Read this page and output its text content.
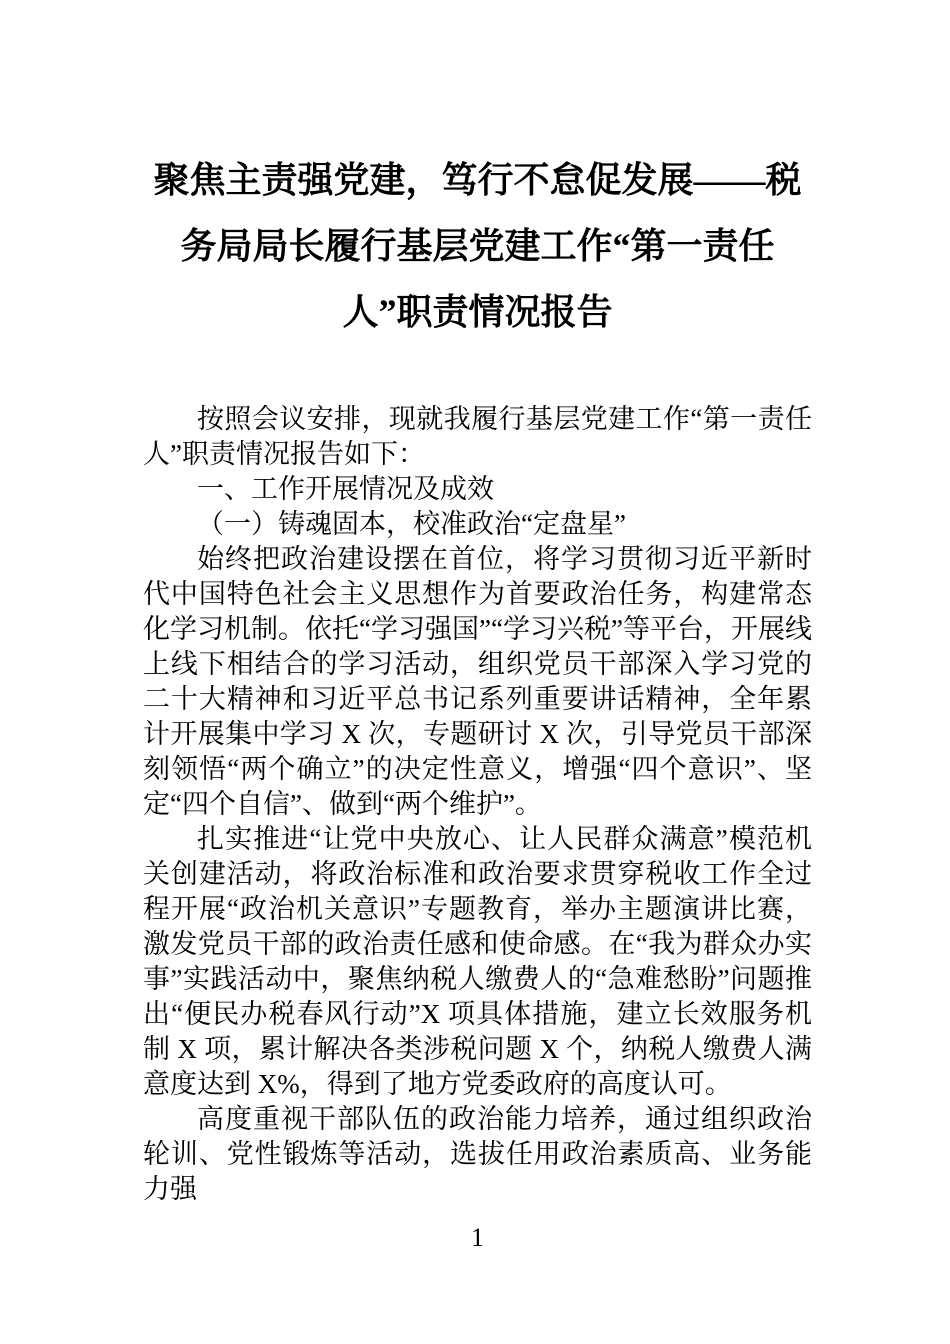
聚焦主责强党建，笃行不怠促发展——税
务局局长履行基层党建工作“第一责任
人”职责情况报告

按照会议安排，现就我履行基层党建工作“第一责任人”职责情况报告如下：

一、工作开展情况及成效

（一）铸魂固本，校准政治“定盘星”

始终把政治建设摆在首位，将学习贯彻习近平新时代中国特色社会主义思想作为首要政治任务，构建常态化学习机制。依托“学习强国”“学习兴税”等平台，开展线上线下相结合的学习活动，组织党员干部深入学习党的二十大精神和习近平总书记系列重要讲话精神，全年累计开展集中学习 X 次，专题研讨 X 次，引导党员干部深刻领悟“两个确立”的决定性意义，增强“四个意识”、坚定“四个自信”、做到“两个维护”。

扎实推进“让党中央放心、让人民群众满意”模范机关创建活动，将政治标准和政治要求贯穿税收工作全过程开展“政治机关意识”专题教育，举办主题演讲比赛，激发党员干部的政治责任感和使命感。在“我为群众办实事”实践活动中，聚焦纳税人缴费人的“急难愁盼”问题推出“便民办税春风行动”X 项具体措施，建立长效服务机制 X 项，累计解决各类涉税问题 X 个，纳税人缴费人满意度达到 X%，得到了地方党委政府的高度认可。

高度重视干部队伍的政治能力培养，通过组织政治轮训、党性锻炼等活动，选拔任用政治素质高、业务能力强

1
